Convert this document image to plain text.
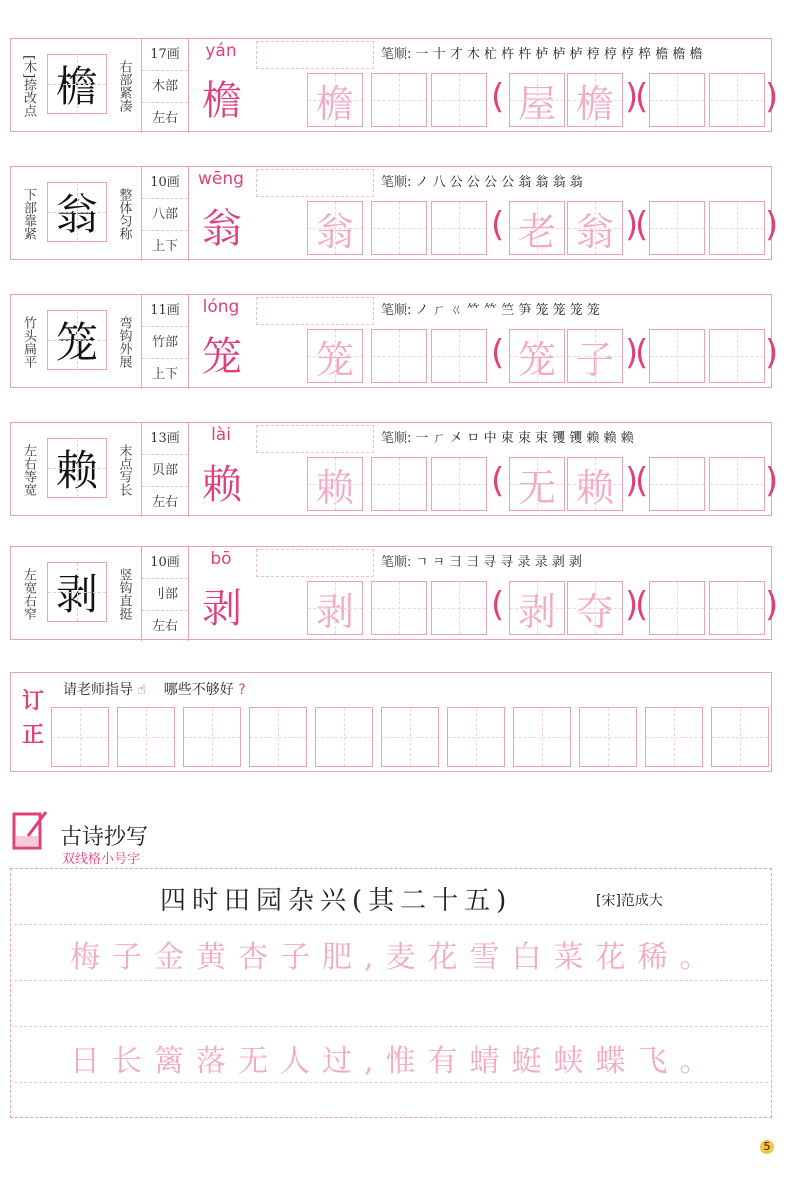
[木]捺改点 檐	右部紧凑
17画
木部
左右
yán
檐
笔顺: 一 十 才 木 杧 杵 杵 栌 栌 栌 梈 梈 梈 椊 檐 檐 檐
檐	屋 檐
(	)
(	)
下部靠紧 翁	整体匀称
10画
八部
上下
wēng
翁
笔顺: ノ 八 公 公 公 公 翁 翁 翁 翁
翁	老 翁
(	)
(	)
竹头扁平 笼	弯钩外展
11画
竹部
上下
lóng
笼
笔顺: ノ ㄏ ㄍ 𥫗 𥫗 竺 笋 笼 笼 笼 笼
笼	笼 子
(	)
(	)
左右等宽 赖	末点写长
13画
贝部
左右
lài
赖
笔顺: 一 ㄏ 㐅 ㅁ 中 束 束 束 䦆 䦆 赖 赖 赖
赖	无 赖
(	)
(	)
左宽右窄 剥	竖钩直挺
10画
刂部
左右
bō
剥
笔顺: ㄱ ㅋ 彐 彐 寻 寻 录 录 剥 剥
剥	剥 夺
(	)
(	)
订
正
请老师指导 ☝ 哪些不够好 ?
古诗抄写
双线格小号字
四时田园杂兴(其二十五)	[宋]范成大
梅子金黄杏子肥,麦花雪白菜花稀。
日长篱落无人过,惟有蜻蜓蛱蝶飞。
5
